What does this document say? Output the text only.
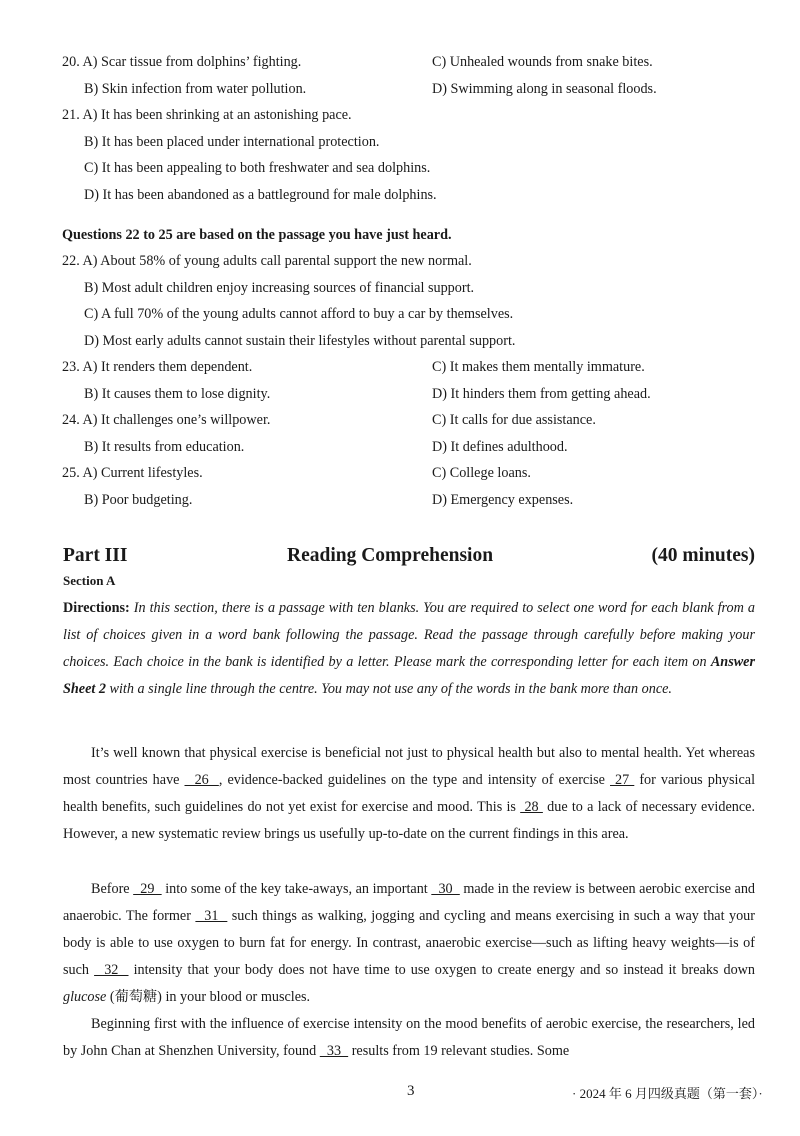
20. A) Scar tissue from dolphins’ fighting.	C) Unhealed wounds from snake bites.
B) Skin infection from water pollution.	D) Swimming along in seasonal floods.
21. A) It has been shrinking at an astonishing pace.
B) It has been placed under international protection.
C) It has been appealing to both freshwater and sea dolphins.
D) It has been abandoned as a battleground for male dolphins.
Questions 22 to 25 are based on the passage you have just heard.
22. A) About 58% of young adults call parental support the new normal.
B) Most adult children enjoy increasing sources of financial support.
C) A full 70% of the young adults cannot afford to buy a car by themselves.
D) Most early adults cannot sustain their lifestyles without parental support.
23. A) It renders them dependent.	C) It makes them mentally immature.
B) It causes them to lose dignity.	D) It hinders them from getting ahead.
24. A) It challenges one’s willpower.	C) It calls for due assistance.
B) It results from education.	D) It defines adulthood.
25. A) Current lifestyles.	C) College loans.
B) Poor budgeting.	D) Emergency expenses.
Part III	Reading Comprehension	(40 minutes)
Section A

Directions: In this section, there is a passage with ten blanks. You are required to select one word for each blank from a list of choices given in a word bank following the passage. Read the passage through carefully before making your choices. Each choice in the bank is identified by a letter. Please mark the corresponding letter for each item on Answer Sheet 2 with a single line through the centre. You may not use any of the words in the bank more than once.

It’s well known that physical exercise is beneficial not just to physical health but also to mental health. Yet whereas most countries have   26  , evidence-backed guidelines on the type and intensity of exercise  27  for various physical health benefits, such guidelines do not yet exist for exercise and mood. This is  28  due to a lack of necessary evidence. However, a new systematic review brings us usefully up-to-date on the current findings in this area.

Before   29   into some of the key take-aways, an important   30   made in the review is between aerobic exercise and anaerobic. The former   31   such things as walking, jogging and cycling and means exercising in such a way that your body is able to use oxygen to burn fat for energy. In contrast, anaerobic exercise—such as lifting heavy weights—is of such   32   intensity that your body does not have time to use oxygen to create energy and so instead it breaks down glucose (葡萄糖) in your blood or muscles.

Beginning first with the influence of exercise intensity on the mood benefits of aerobic exercise, the researchers, led by John Chan at Shenzhen University, found   33   results from 19 relevant studies. Some

3	· 2024 年 6 月四级真题（第一套）·
